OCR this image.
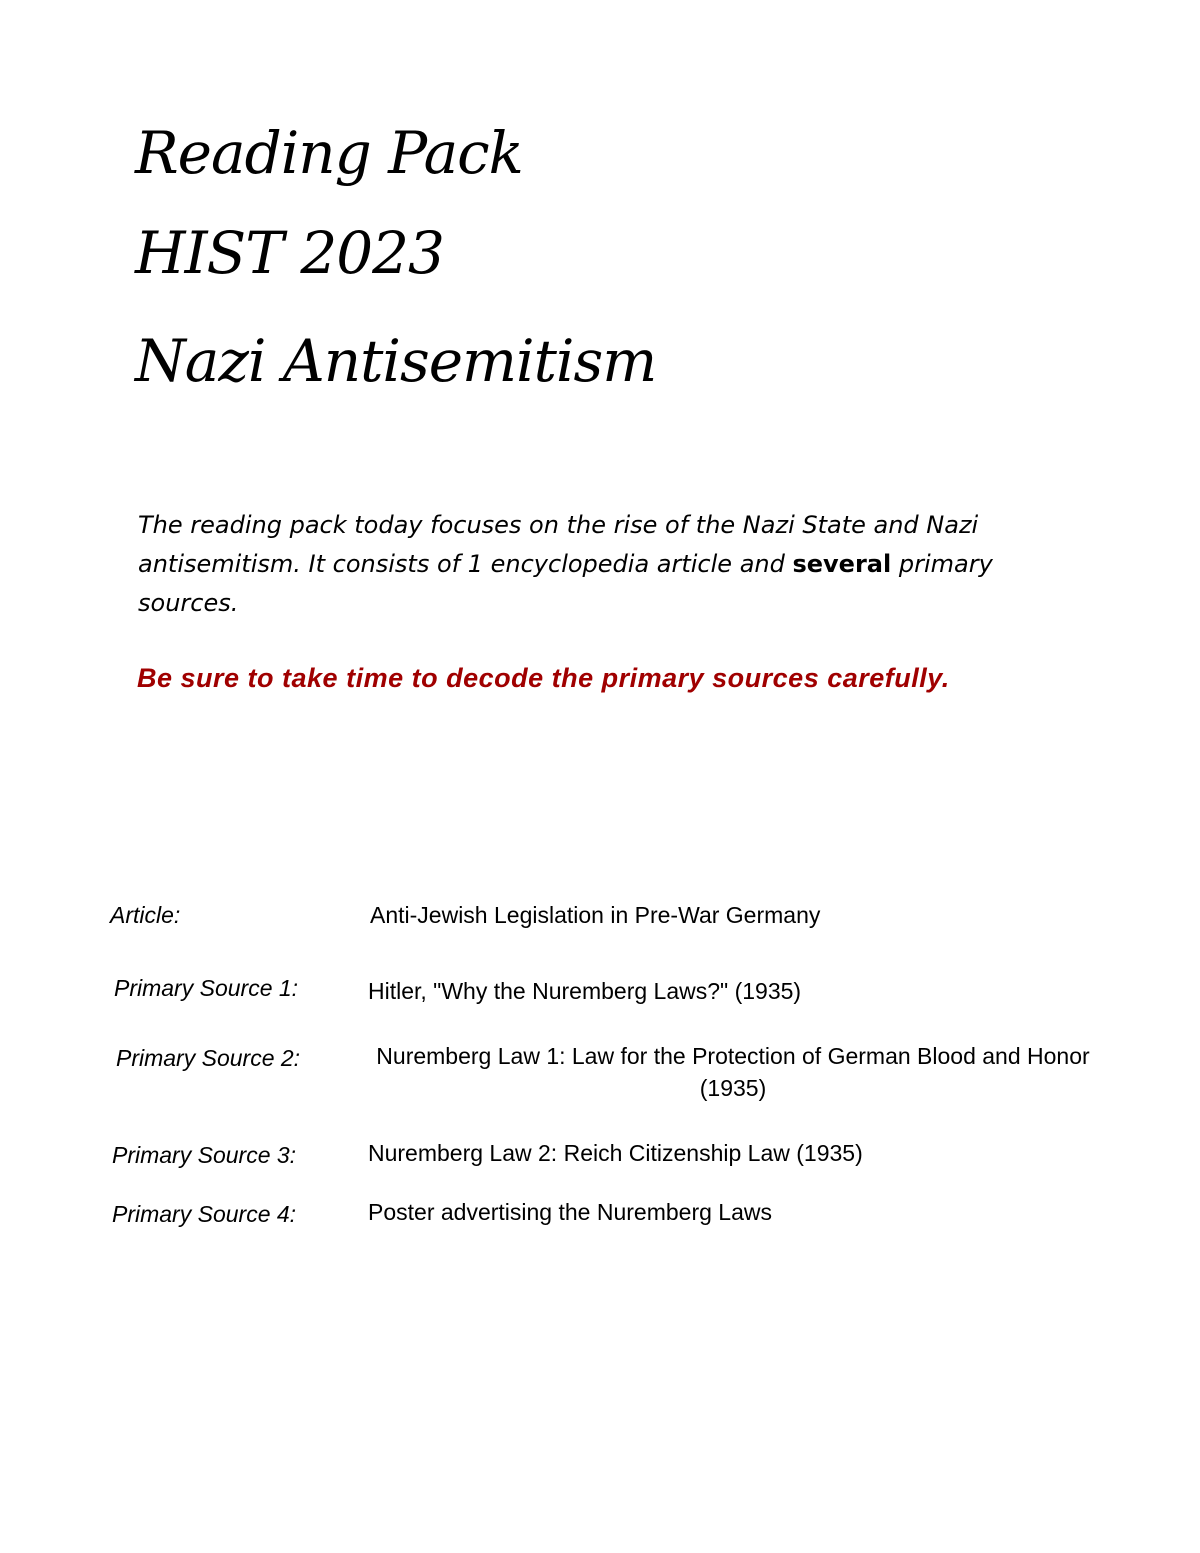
Reading Pack
HIST 2023
Nazi Antisemitism

The reading pack today focuses on the rise of the Nazi State and Nazi antisemitism. It consists of 1 encyclopedia article and several primary sources.

Be sure to take time to decode the primary sources carefully.

Article:	Anti-Jewish Legislation in Pre-War Germany

Primary Source 1:	Hitler, "Why the Nuremberg Laws?" (1935)

Primary Source 2:	Nuremberg Law 1: Law for the Protection of German Blood and Honor (1935)

Primary Source 3:	Nuremberg Law 2: Reich Citizenship Law (1935)

Primary Source 4:	Poster advertising the Nuremberg Laws
